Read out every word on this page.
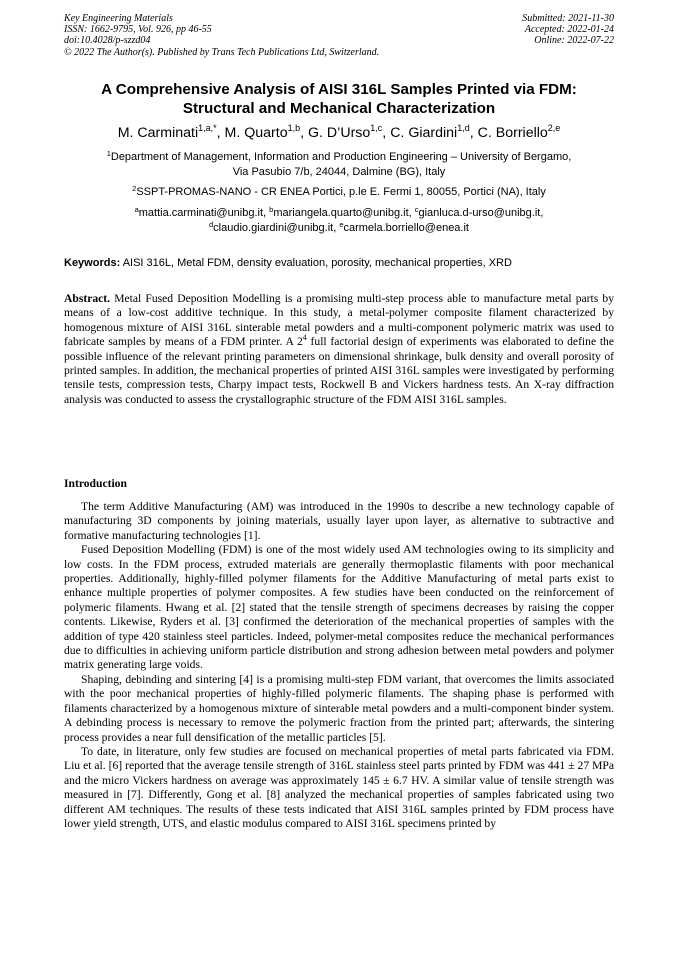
Key Engineering Materials
ISSN: 1662-9795, Vol. 926, pp 46-55
doi:10.4028/p-szzd04
© 2022 The Author(s). Published by Trans Tech Publications Ltd, Switzerland.
Submitted: 2021-11-30
Accepted: 2022-01-24
Online: 2022-07-22
A Comprehensive Analysis of AISI 316L Samples Printed via FDM:
Structural and Mechanical Characterization
M. Carminati$^{1,a,*}$, M. Quarto$^{1,b}$, G. D’Urso$^{1,c}$, C. Giardini$^{1,d}$, C. Borriello$^{2,e}$
$^1$Department of Management, Information and Production Engineering – University of Bergamo,
Via Pasubio 7/b, 24044, Dalmine (BG), Italy
$^2$SSPT-PROMAS-NANO - CR ENEA Portici, p.le E. Fermi 1, 80055, Portici (NA), Italy
$^a$mattia.carminati@unibg.it, $^b$mariangela.quarto@unibg.it, $^c$gianluca.d-urso@unibg.it,
$^d$claudio.giardini@unibg.it, $^e$carmela.borriello@enea.it
Keywords: AISI 316L, Metal FDM, density evaluation, porosity, mechanical properties, XRD
Abstract. Metal Fused Deposition Modelling is a promising multi-step process able to manufacture metal parts by means of a low-cost additive technique. In this study, a metal-polymer composite filament characterized by homogenous mixture of AISI 316L sinterable metal powders and a multi-component polymeric matrix was used to fabricate samples by means of a FDM printer. A $2^4$ full factorial design of experiments was elaborated to define the possible influence of the relevant printing parameters on dimensional shrinkage, bulk density and overall porosity of printed samples. In addition, the mechanical properties of printed AISI 316L samples were investigated by performing tensile tests, compression tests, Charpy impact tests, Rockwell B and Vickers hardness tests. An X-ray diffraction analysis was conducted to assess the crystallographic structure of the FDM AISI 316L samples.
Introduction

The term Additive Manufacturing (AM) was introduced in the 1990s to describe a new technology capable of manufacturing 3D components by joining materials, usually layer upon layer, as alternative to subtractive and formative manufacturing technologies [1].

Fused Deposition Modelling (FDM) is one of the most widely used AM technologies owing to its simplicity and low costs. In the FDM process, extruded materials are generally thermoplastic filaments with poor mechanical properties. Additionally, highly-filled polymer filaments for the Additive Manufacturing of metal parts exist to enhance multiple properties of polymer composites. A few studies have been conducted on the reinforcement of polymeric filaments. Hwang et al. [2] stated that the tensile strength of specimens decreases by raising the copper contents. Likewise, Ryders et al. [3] confirmed the deterioration of the mechanical properties of samples with the addition of type 420 stainless steel particles. Indeed, polymer-metal composites reduce the mechanical performances due to difficulties in achieving uniform particle distribution and strong adhesion between metal powders and polymer matrix generating large voids.

Shaping, debinding and sintering [4] is a promising multi-step FDM variant, that overcomes the limits associated with the poor mechanical properties of highly-filled polymeric filaments. The shaping phase is performed with filaments characterized by a homogenous mixture of sinterable metal powders and a multi-component binder system. A debinding process is necessary to remove the polymeric fraction from the printed part; afterwards, the sintering process provides a near full densification of the metallic particles [5].

To date, in literature, only few studies are focused on mechanical properties of metal parts fabricated via FDM. Liu et al. [6] reported that the average tensile strength of 316L stainless steel parts printed by FDM was 441 ± 27 MPa and the micro Vickers hardness on average was approximately 145 ± 6.7 HV. A similar value of tensile strength was measured in [7]. Differently, Gong et al. [8] analyzed the mechanical properties of samples fabricated using two different AM techniques. The results of these tests indicated that AISI 316L samples printed by FDM process have lower yield strength, UTS, and elastic modulus compared to AISI 316L specimens printed by
